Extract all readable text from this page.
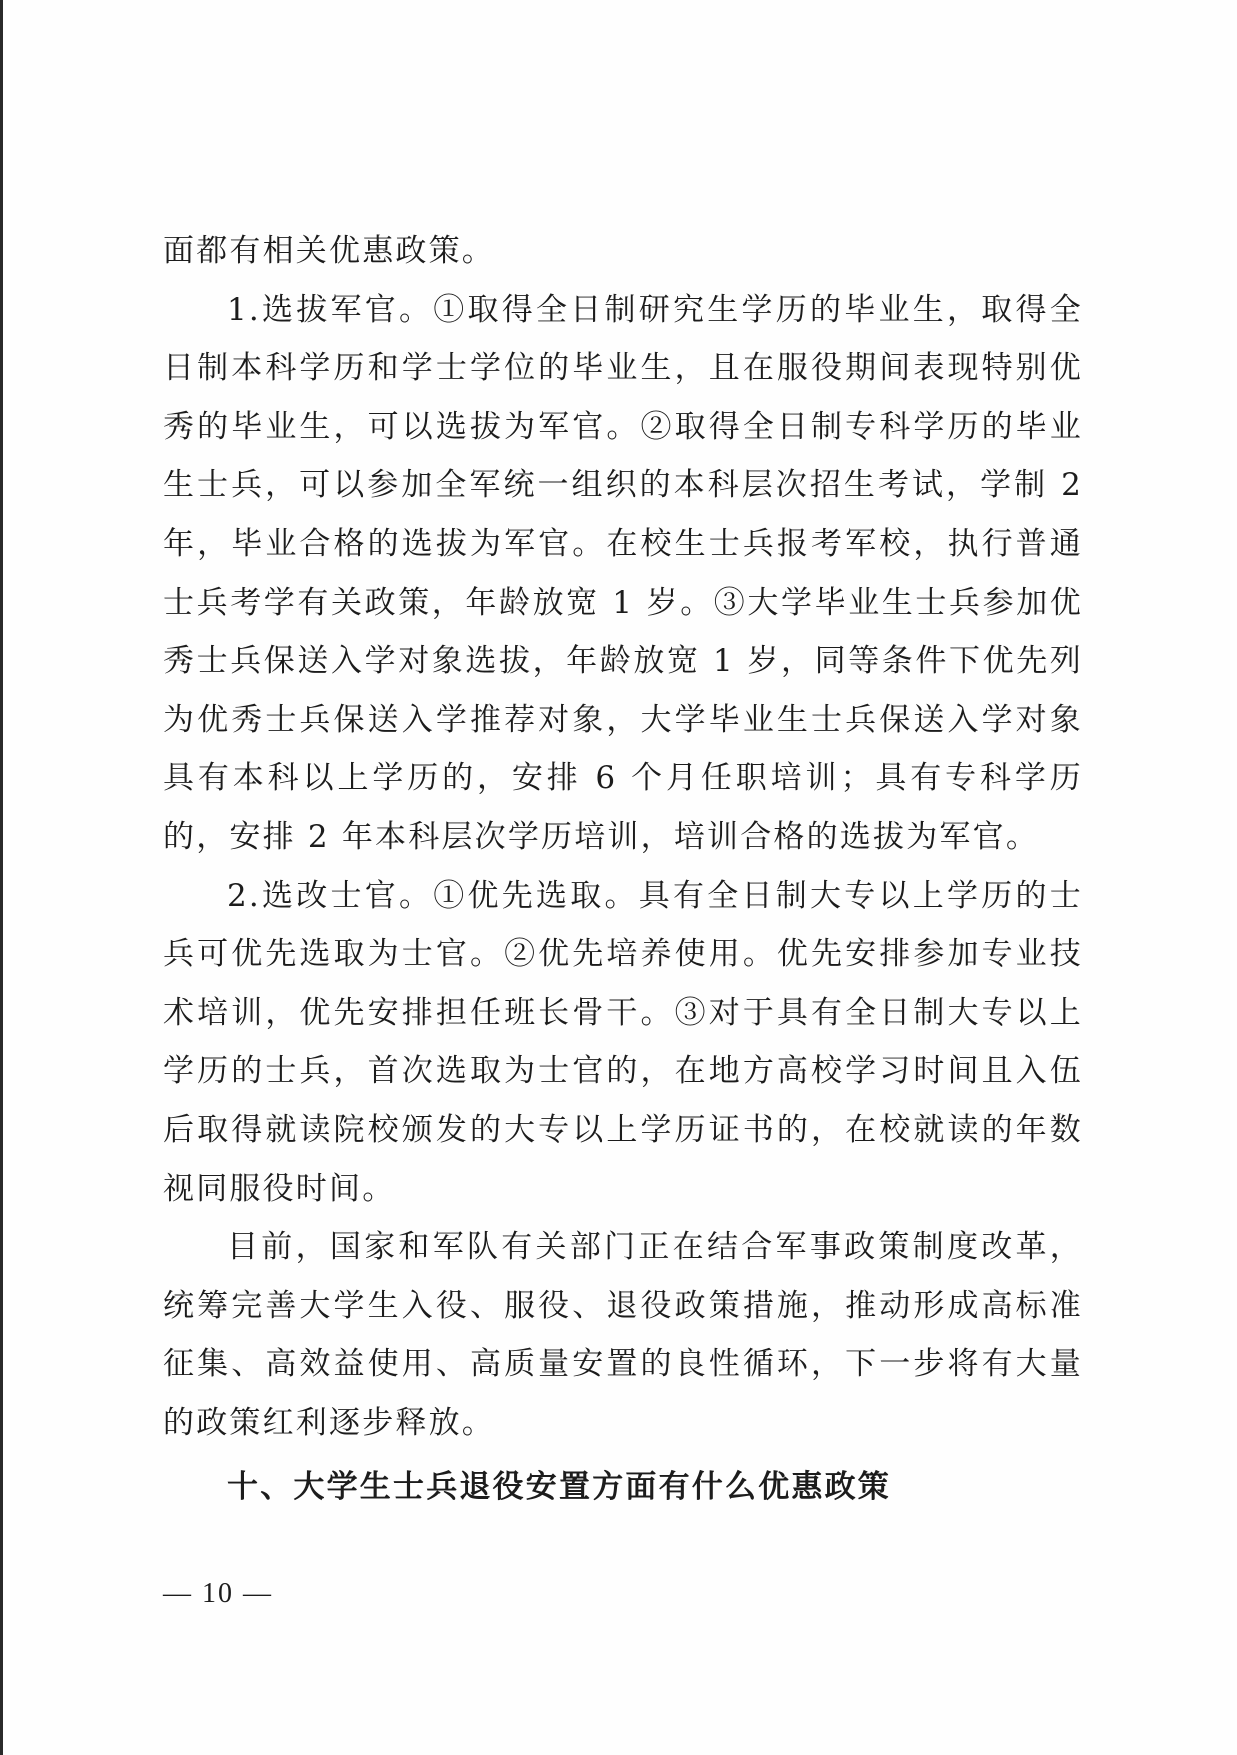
面都有相关优惠政策。

1.选拔军官。①取得全日制研究生学历的毕业生，取得全日制本科学历和学士学位的毕业生，且在服役期间表现特别优秀的毕业生，可以选拔为军官。②取得全日制专科学历的毕业生士兵，可以参加全军统一组织的本科层次招生考试，学制 2 年，毕业合格的选拔为军官。在校生士兵报考军校，执行普通士兵考学有关政策，年龄放宽 1 岁。③大学毕业生士兵参加优秀士兵保送入学对象选拔，年龄放宽 1 岁，同等条件下优先列为优秀士兵保送入学推荐对象，大学毕业生士兵保送入学对象具有本科以上学历的，安排 6 个月任职培训；具有专科学历的，安排 2 年本科层次学历培训，培训合格的选拔为军官。

2.选改士官。①优先选取。具有全日制大专以上学历的士兵可优先选取为士官。②优先培养使用。优先安排参加专业技术培训，优先安排担任班长骨干。③对于具有全日制大专以上学历的士兵，首次选取为士官的，在地方高校学习时间且入伍后取得就读院校颁发的大专以上学历证书的，在校就读的年数视同服役时间。

目前，国家和军队有关部门正在结合军事政策制度改革，统筹完善大学生入役、服役、退役政策措施，推动形成高标准征集、高效益使用、高质量安置的良性循环，下一步将有大量的政策红利逐步释放。

十、大学生士兵退役安置方面有什么优惠政策

— 10 —
